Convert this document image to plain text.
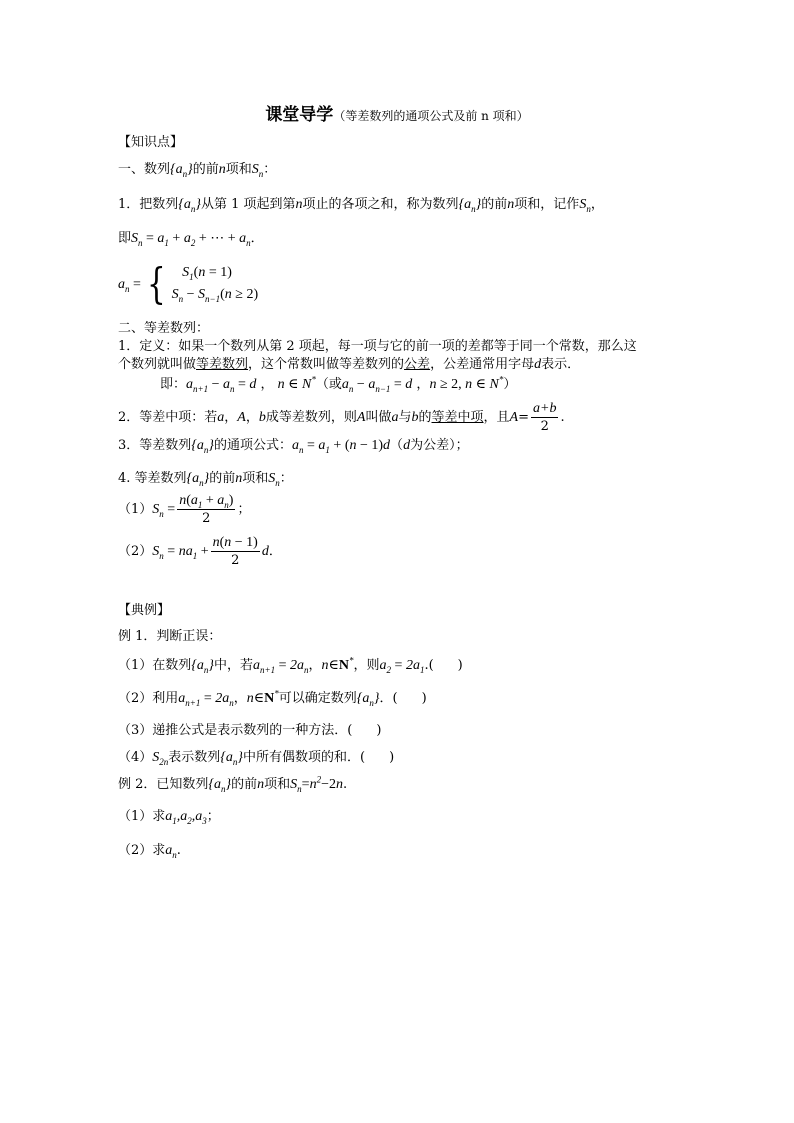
课堂导学（等差数列的通项公式及前 n 项和）
【知识点】
一、数列$\{a_n\}$的前n项和$S_n$：
1．把数列$\{a_n\}$从第 1 项起到第n项止的各项之和，称为数列$\{a_n\}$的前n项和，记作$S_n$，
即$S_n = a_1 + a_2$ + ⋯ + $a_n$．
$a_n$ = {   $S_1(n = 1)$
$S_n - S_{n-1}(n \ge 2)$
二、等差数列：
1．定义：如果一个数列从第 2 项起，每一项与它的前一项的差都等于同一个常数，那么这
个数列就叫做等差数列，这个常数叫做等差数列的公差，公差通常用字母d表示．
即：$a_{n+1} - a_n = d$ ， n ∈ N*（或$a_n - a_{n-1} = d$ ，n ≥ 2, n ∈ N*）
2．等差中项：若a，A，b成等差数列，则A叫做a与b的等差中项，且$A= \frac{a+b}{2}$ .
3．等差数列$\{a_n\}$的通项公式：$a_n = a_1 + (n - 1)d(d$为公差）；
4. 等差数列$\{a_n\}$的前n项和$S_n$：
$(1)S_n = \frac{n(a_1 + a_n)}{2}$ ；
$(2)S_n = na_1 + \frac{n(n - 1)}{2}$ d．
【典例】
例 1．判断正误：
（1）在数列$\{a_n\}$中，若$a_{n+1} = 2a_n$，n∈N*，则$a_2 = 2a_1$.( )
（2）利用$a_{n+1} = 2a_n$，n∈N*可以确定数列$\{a_n\}$．( )
（3）递推公式是表示数列的一种方法．( )
$(4)S_{2n}$表示数列$\{a_n\}$中所有偶数项的和．( )
例 2．已知数列$\{a_n\}$的前n项和$S_n=n^2-2n$.
（1）求$a_1,a_2,a_3$；
（2）求$a_n$.
